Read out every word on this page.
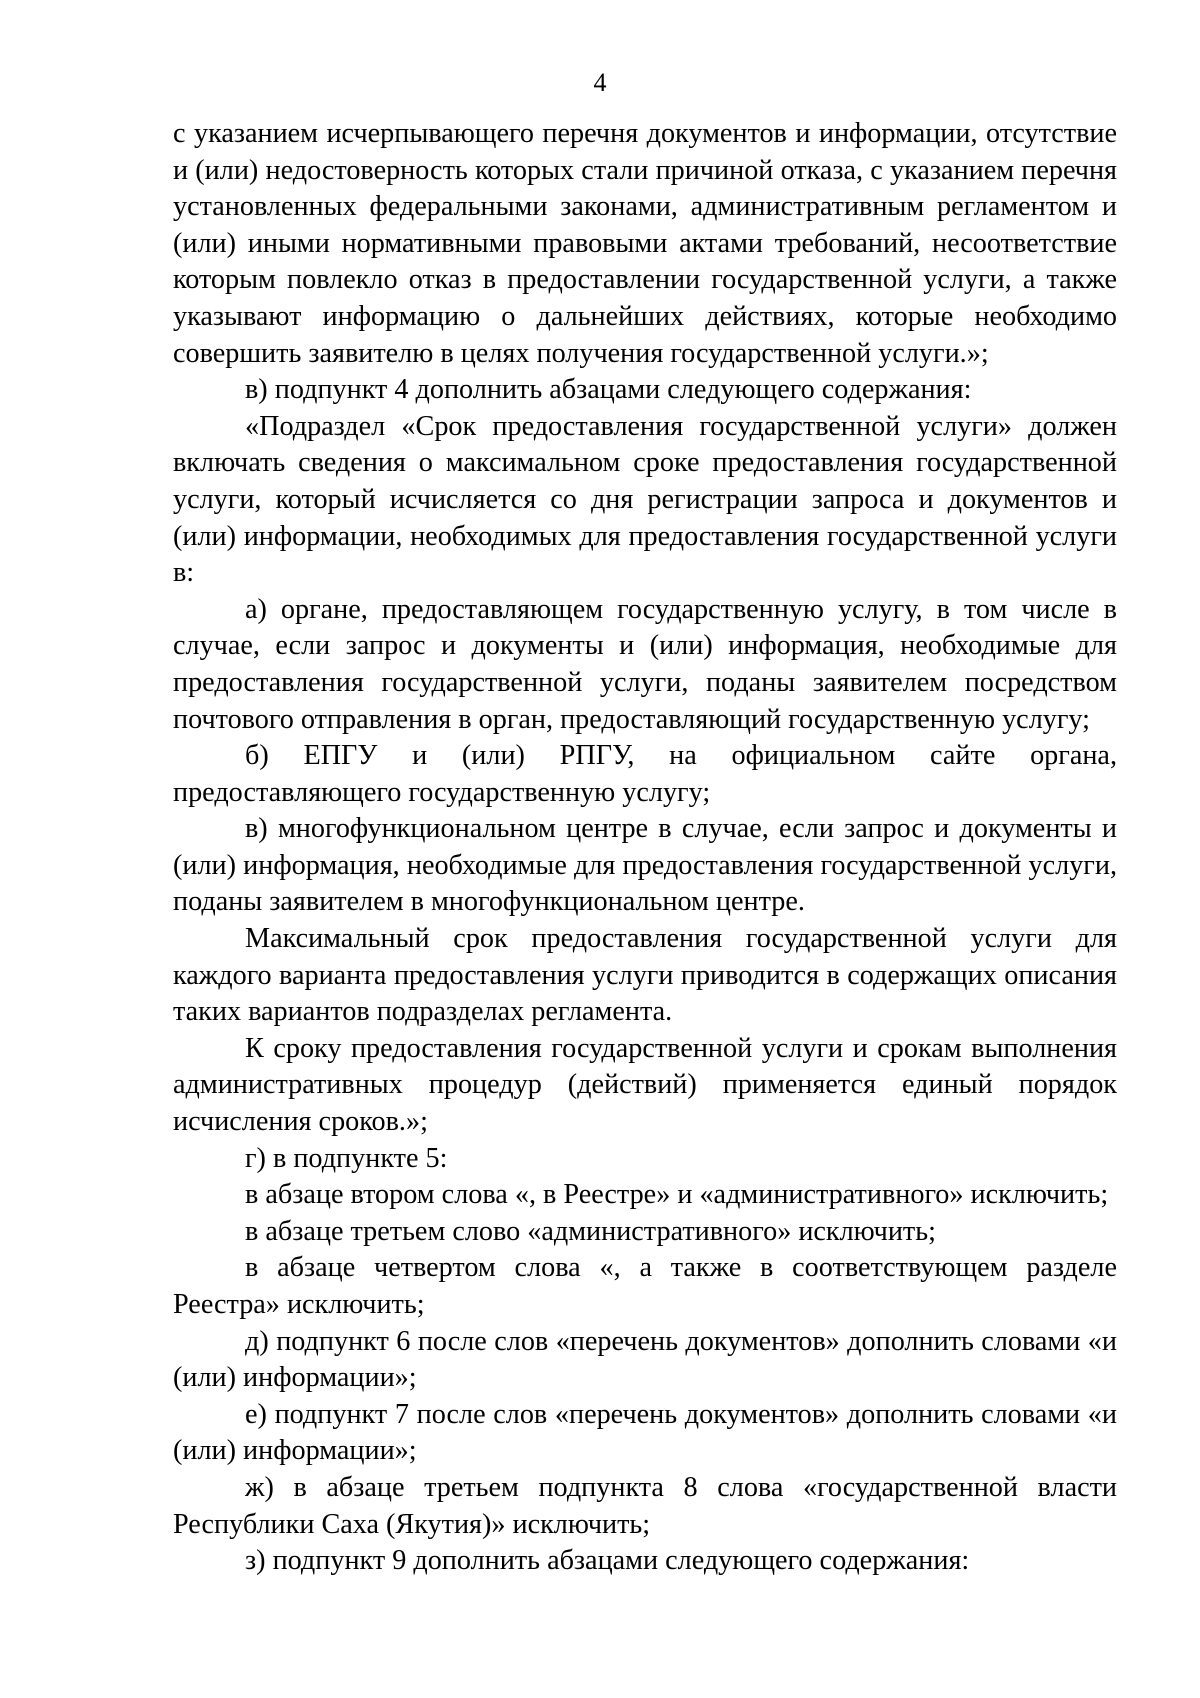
4

с указанием исчерпывающего перечня документов и информации, отсутствие и (или) недостоверность которых стали причиной отказа, с указанием перечня установленных федеральными законами, административным регламентом и (или) иными нормативными правовыми актами требований, несоответствие которым повлекло отказ в предоставлении государственной услуги, а также указывают информацию о дальнейших действиях, которые необходимо совершить заявителю в целях получения государственной услуги.»;

в) подпункт 4 дополнить абзацами следующего содержания:

«Подраздел «Срок предоставления государственной услуги» должен включать сведения о максимальном сроке предоставления государственной услуги, который исчисляется со дня регистрации запроса и документов и (или) информации, необходимых для предоставления государственной услуги в:

а) органе, предоставляющем государственную услугу, в том числе в случае, если запрос и документы и (или) информация, необходимые для предоставления государственной услуги, поданы заявителем посредством почтового отправления в орган, предоставляющий государственную услугу;

б) ЕПГУ и (или) РПГУ, на официальном сайте органа, предоставляющего государственную услугу;

в) многофункциональном центре в случае, если запрос и документы и (или) информация, необходимые для предоставления государственной услуги, поданы заявителем в многофункциональном центре.

Максимальный срок предоставления государственной услуги для каждого варианта предоставления услуги приводится в содержащих описания таких вариантов подразделах регламента.

К сроку предоставления государственной услуги и срокам выполнения административных процедур (действий) применяется единый порядок исчисления сроков.»;

г) в подпункте 5:

в абзаце втором слова «, в Реестре» и «административного» исключить;

в абзаце третьем слово «административного» исключить;

в абзаце четвертом слова «, а также в соответствующем разделе Реестра» исключить;

д) подпункт 6 после слов «перечень документов» дополнить словами «и (или) информации»;

е) подпункт 7 после слов «перечень документов» дополнить словами «и (или) информации»;

ж) в абзаце третьем подпункта 8 слова «государственной власти Республики Саха (Якутия)» исключить;

з) подпункт 9 дополнить абзацами следующего содержания:
